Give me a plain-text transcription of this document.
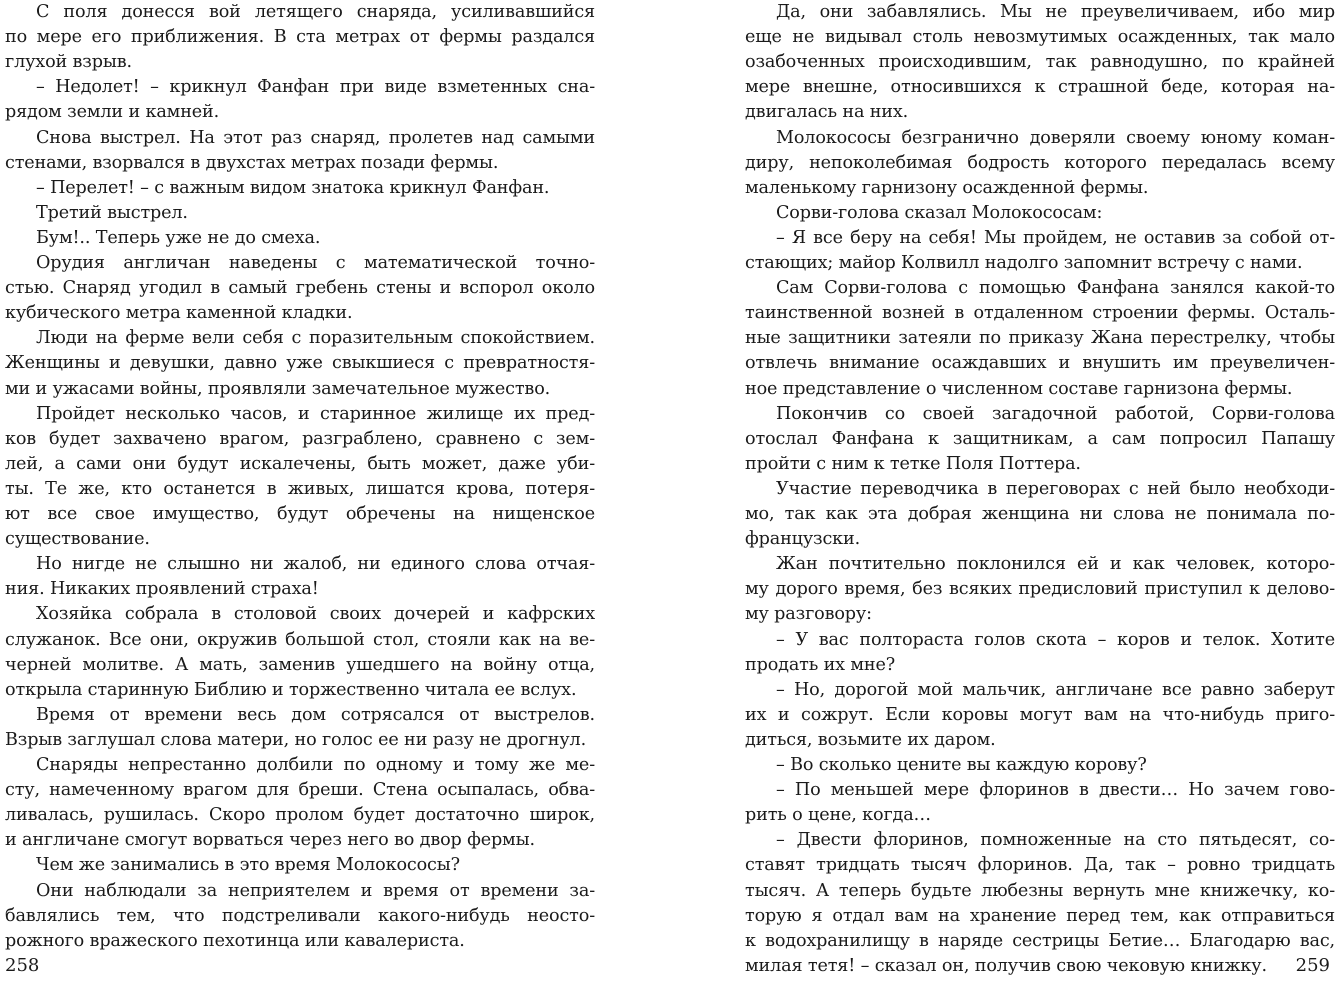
С поля донесся вой летящего снаряда, усиливавшийся
по мере его приближения. В ста метрах от фермы раздался
глухой взрыв.
– Недолет! – крикнул Фанфан при виде взметенных сна-
рядом земли и камней.
Снова выстрел. На этот раз снаряд, пролетев над самыми
стенами, взорвался в двухстах метрах позади фермы.
– Перелет! – с важным видом знатока крикнул Фанфан.
Третий выстрел.
Бум!.. Теперь уже не до смеха.
Орудия англичан наведены с математической точно-
стью. Снаряд угодил в самый гребень стены и вспорол около
кубического метра каменной кладки.
Люди на ферме вели себя с поразительным спокойствием.
Женщины и девушки, давно уже свыкшиеся с превратностя-
ми и ужасами войны, проявляли замечательное мужество.
Пройдет несколько часов, и старинное жилище их пред-
ков будет захвачено врагом, разграблено, сравнено с зем-
лей, а сами они будут искалечены, быть может, даже уби-
ты. Те же, кто останется в живых, лишатся крова, потеря-
ют все свое имущество, будут обречены на нищенское
существование.
Но нигде не слышно ни жалоб, ни единого слова отчая-
ния. Никаких проявлений страха!
Хозяйка собрала в столовой своих дочерей и кафрских
служанок. Все они, окружив большой стол, стояли как на ве-
черней молитве. А мать, заменив ушедшего на войну отца,
открыла старинную Библию и торжественно читала ее вслух.
Время от времени весь дом сотрясался от выстрелов.
Взрыв заглушал слова матери, но голос ее ни разу не дрогнул.
Снаряды непрестанно долбили по одному и тому же ме-
сту, намеченному врагом для бреши. Стена осыпалась, обва-
ливалась, рушилась. Скоро пролом будет достаточно широк,
и англичане смогут ворваться через него во двор фермы.
Чем же занимались в это время Молокососы?
Они наблюдали за неприятелем и время от времени за-
бавлялись тем, что подстреливали какого-нибудь неосто-
рожного вражеского пехотинца или кавалериста.
Да, они забавлялись. Мы не преувеличиваем, ибо мир
еще не видывал столь невозмутимых осажденных, так мало
озабоченных происходившим, так равнодушно, по крайней
мере внешне, относившихся к страшной беде, которая на-
двигалась на них.
Молокососы безгранично доверяли своему юному коман-
диру, непоколебимая бодрость которого передалась всему
маленькому гарнизону осажденной фермы.
Сорви-голова сказал Молокососам:
– Я все беру на себя! Мы пройдем, не оставив за собой от-
стающих; майор Колвилл надолго запомнит встречу с нами.
Сам Сорви-голова с помощью Фанфана занялся какой-то
таинственной возней в отдаленном строении фермы. Осталь-
ные защитники затеяли по приказу Жана перестрелку, чтобы
отвлечь внимание осаждавших и внушить им преувеличен-
ное представление о численном составе гарнизона фермы.
Покончив со своей загадочной работой, Сорви-голова
отослал Фанфана к защитникам, а сам попросил Папашу
пройти с ним к тетке Поля Поттера.
Участие переводчика в переговорах с ней было необходи-
мо, так как эта добрая женщина ни слова не понимала по-
французски.
Жан почтительно поклонился ей и как человек, которо-
му дорого время, без всяких предисловий приступил к делово-
му разговору:
– У вас полтораста голов скота – коров и телок. Хотите
продать их мне?
– Но, дорогой мой мальчик, англичане все равно заберут
их и сожрут. Если коровы могут вам на что-нибудь приго-
диться, возьмите их даром.
– Во сколько цените вы каждую корову?
– По меньшей мере флоринов в двести… Но зачем гово-
рить о цене, когда…
– Двести флоринов, помноженные на сто пятьдесят, со-
ставят тридцать тысяч флоринов. Да, так – ровно тридцать
тысяч. А теперь будьте любезны вернуть мне книжечку, ко-
торую я отдал вам на хранение перед тем, как отправиться
к водохранилищу в наряде сестрицы Бетие… Благодарю вас,
милая тетя! – сказал он, получив свою чековую книжку.
258	259
